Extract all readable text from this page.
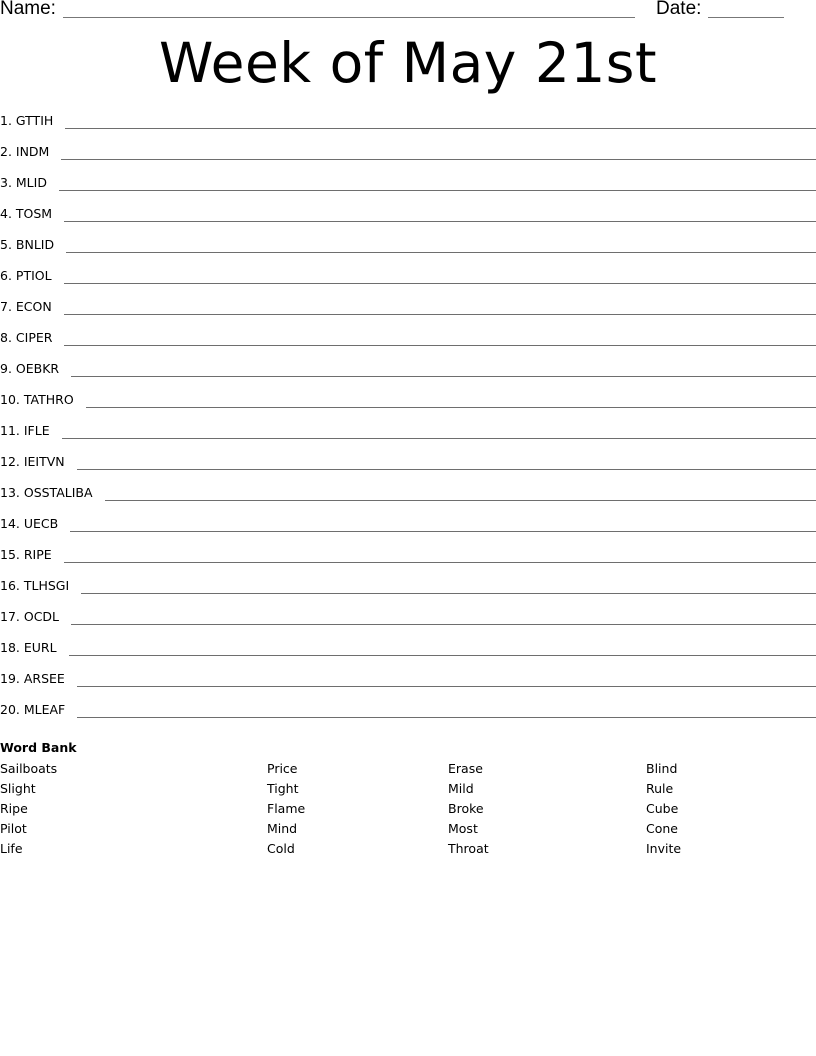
Name:	Date:
Week of May 21st
1. GTTIH
2. INDM
3. MLID
4. TOSM
5. BNLID
6. PTIOL
7. ECON
8. CIPER
9. OEBKR
10. TATHRO
11. IFLE
12. IEITVN
13. OSSTALIBA
14. UECB
15. RIPE
16. TLHSGI
17. OCDL
18. EURL
19. ARSEE
20. MLEAF
Word Bank
Sailboats
Slight
Ripe
Pilot
Life
Price
Tight
Flame
Mind
Cold
Erase
Mild
Broke
Most
Throat
Blind
Rule
Cube
Cone
Invite
